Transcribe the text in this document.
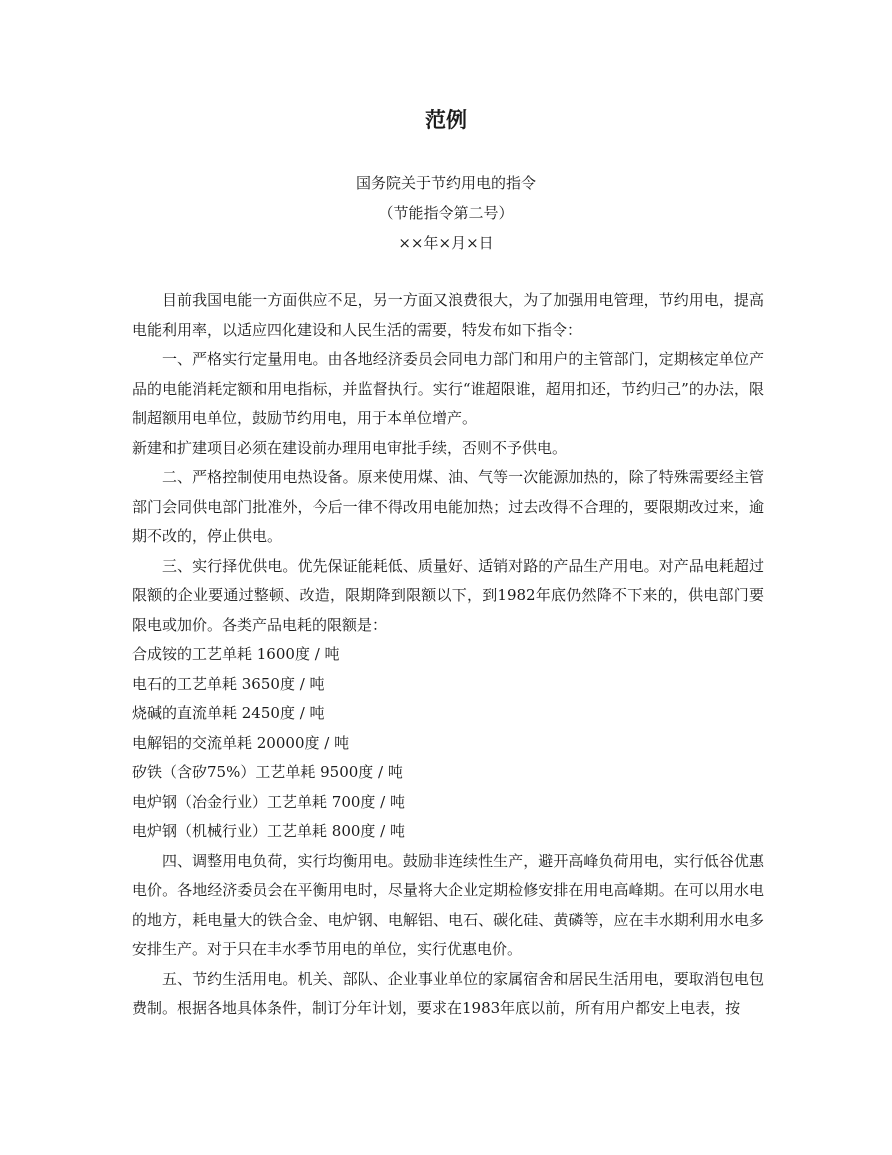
范例
国务院关于节约用电的指令
（节能指令第二号）
××年×月×日

目前我国电能一方面供应不足，另一方面又浪费很大，为了加强用电管理，节约用电，提高电能利用率，以适应四化建设和人民生活的需要，特发布如下指令：

一、严格实行定量用电。由各地经济委员会同电力部门和用户的主管部门，定期核定单位产品的电能消耗定额和用电指标，并监督执行。实行“谁超限谁，超用扣还，节约归己”的办法，限制超额用电单位，鼓励节约用电，用于本单位增产。

新建和扩建项目必须在建设前办理用电审批手续，否则不予供电。

二、严格控制使用电热设备。原来使用煤、油、气等一次能源加热的，除了特殊需要经主管部门会同供电部门批准外，今后一律不得改用电能加热；过去改得不合理的，要限期改过来，逾期不改的，停止供电。

三、实行择优供电。优先保证能耗低、质量好、适销对路的产品生产用电。对产品电耗超过限额的企业要通过整顿、改造，限期降到限额以下，到1982年底仍然降不下来的，供电部门要限电或加价。各类产品电耗的限额是：

合成铵的工艺单耗 1600度 / 吨

电石的工艺单耗 3650度 / 吨

烧碱的直流单耗 2450度 / 吨

电解铝的交流单耗 20000度 / 吨

矽铁（含矽75%）工艺单耗 9500度 / 吨

电炉钢（冶金行业）工艺单耗 700度 / 吨

电炉钢（机械行业）工艺单耗 800度 / 吨

四、调整用电负荷，实行均衡用电。鼓励非连续性生产，避开高峰负荷用电，实行低谷优惠电价。各地经济委员会在平衡用电时，尽量将大企业定期检修安排在用电高峰期。在可以用水电的地方，耗电量大的铁合金、电炉钢、电解铝、电石、碳化硅、黄磷等，应在丰水期利用水电多安排生产。对于只在丰水季节用电的单位，实行优惠电价。

五、节约生活用电。机关、部队、企业事业单位的家属宿舍和居民生活用电，要取消包电包费制。根据各地具体条件，制订分年计划，要求在1983年底以前，所有用户都安上电表，按
